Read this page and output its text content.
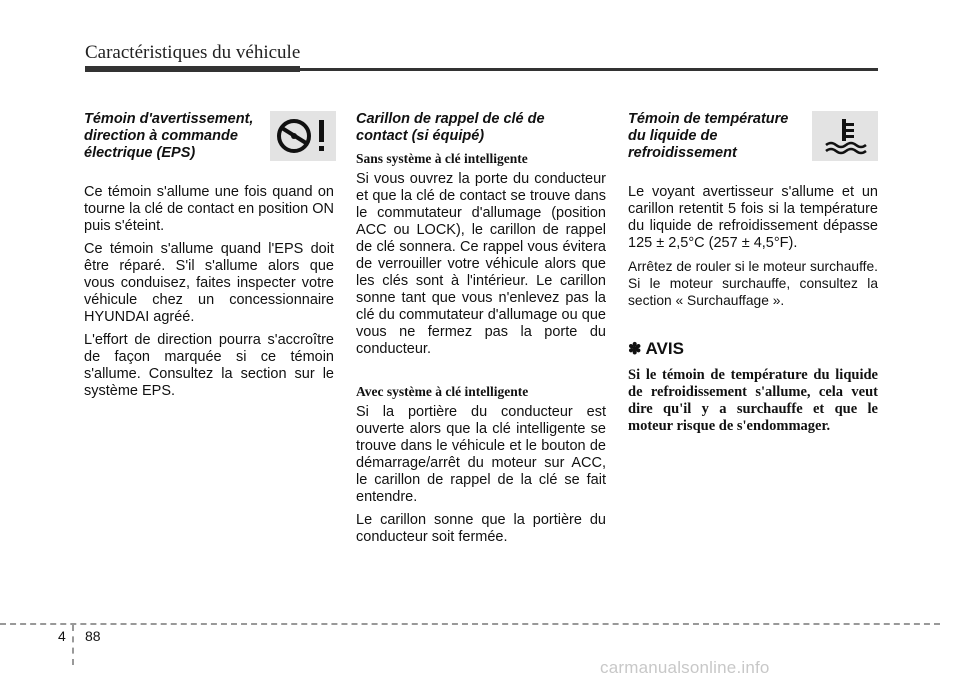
Caractéristiques du véhicule
Témoin d'avertissement, direction à commande électrique (EPS)

Ce témoin s'allume une fois quand on tourne la clé de contact en position ON puis s'éteint.

Ce témoin s'allume quand l'EPS doit être réparé. S'il s'allume alors que vous conduisez, faites inspecter votre véhicule chez un concessionnaire HYUNDAI agréé.

L'effort de direction pourra s'accroître de façon marquée si ce témoin s'allume. Consultez la section sur le système EPS.

Carillon de rappel de clé de contact (si équipé)
Sans système à clé intelligente

Si vous ouvrez la porte du conducteur et que la clé de contact se trouve dans le commutateur d'allumage (position ACC ou LOCK), le carillon de rappel de clé sonnera. Ce rappel vous évitera de verrouiller votre véhicule alors que les clés sont à l'intérieur. Le carillon sonne tant que vous n'enlevez pas la clé du commutateur d'allumage ou que vous ne fermez pas la porte du conducteur.

Avec système à clé intelligente

Si la portière du conducteur est ouverte alors que la clé intelligente se trouve dans le véhicule et le bouton de démarrage/arrêt du moteur sur ACC, le carillon de rappel de la clé se fait entendre.

Le carillon sonne que la portière du conducteur soit fermée.

Témoin de température du liquide de refroidissement

Le voyant avertisseur s'allume et un carillon retentit 5 fois si la température du liquide de refroidissement dépasse 125 ± 2,5°C (257 ± 4,5°F).

Arrêtez de rouler si le moteur surchauffe. Si le moteur surchauffe, consultez la section « Surchauffage ».

✽ AVIS

Si le témoin de température du liquide de refroidissement s'allume, cela veut dire qu'il y a surchauffe et que le moteur risque de s'endommager.

4 88
carmanualsonline.info
